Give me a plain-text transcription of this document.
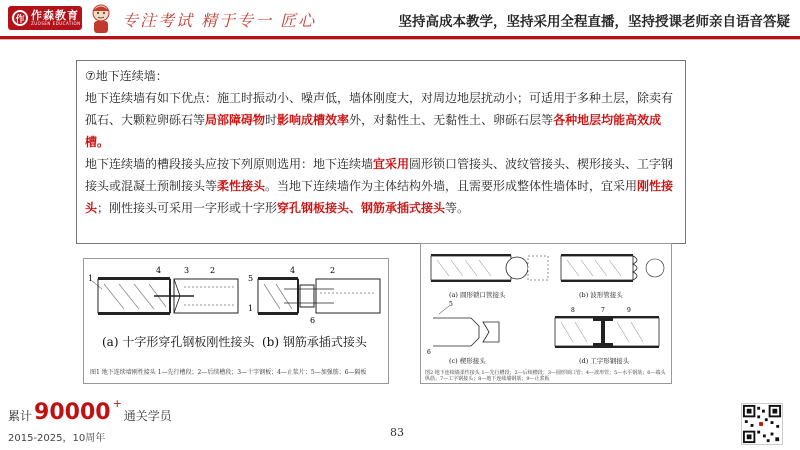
作 作森教育
ZUOSEN EDUCATION	专注考试 精于专一 匠心	坚持高成本教学，坚持采用全程直播，坚持授课老师亲自语音答疑

⑦地下连续墙：

地下连续墙有如下优点：施工时振动小、噪声低，墙体刚度大，对周边地层扰动小；可适用于多种土层，除卖有孤石、大颗粒卵砾石等局部障碍物时影响成槽效率外，对黏性土、无黏性土、卵砾石层等各种地层均能高效成槽。

地下连续墙的槽段接头应按下列原则选用：地下连续墙宜采用圆形锁口管接头、波纹管接头、楔形接头、工字钢接头或混凝土预制接头等柔性接头。当地下连续墙作为主体结构外墙，且需要形成整体性墙体时，宜采用刚性接头；刚性接头可采用一字形或十字形穿孔钢板接头、钢筋承插式接头等。

1
4	3	2
5
1
4	2
6
(a) 十字形穿孔钢板刚性接头 (b) 钢筋承插式接头
图1 地下连续墙刚性接头 1—先行槽段；2—后续槽段；3—十字钢板；4—止浆片；5—加强筋；6—隔板
5
6
8	7	9
(a) 圆形锁口管接头	(b) 波形管接头
(c) 楔形接头	(d) 工字形钢接头
图2 地下连续墙柔性接头 1—先行槽段；2—后续槽段；3—圆形锁口管；4—波形管；5—水平钢筋；6—端头纵筋；7—工字钢接头；8—地下连续墙钢筋；9—止浆板
累计 90000 +
通关学员
2015-2025，10周年	83
